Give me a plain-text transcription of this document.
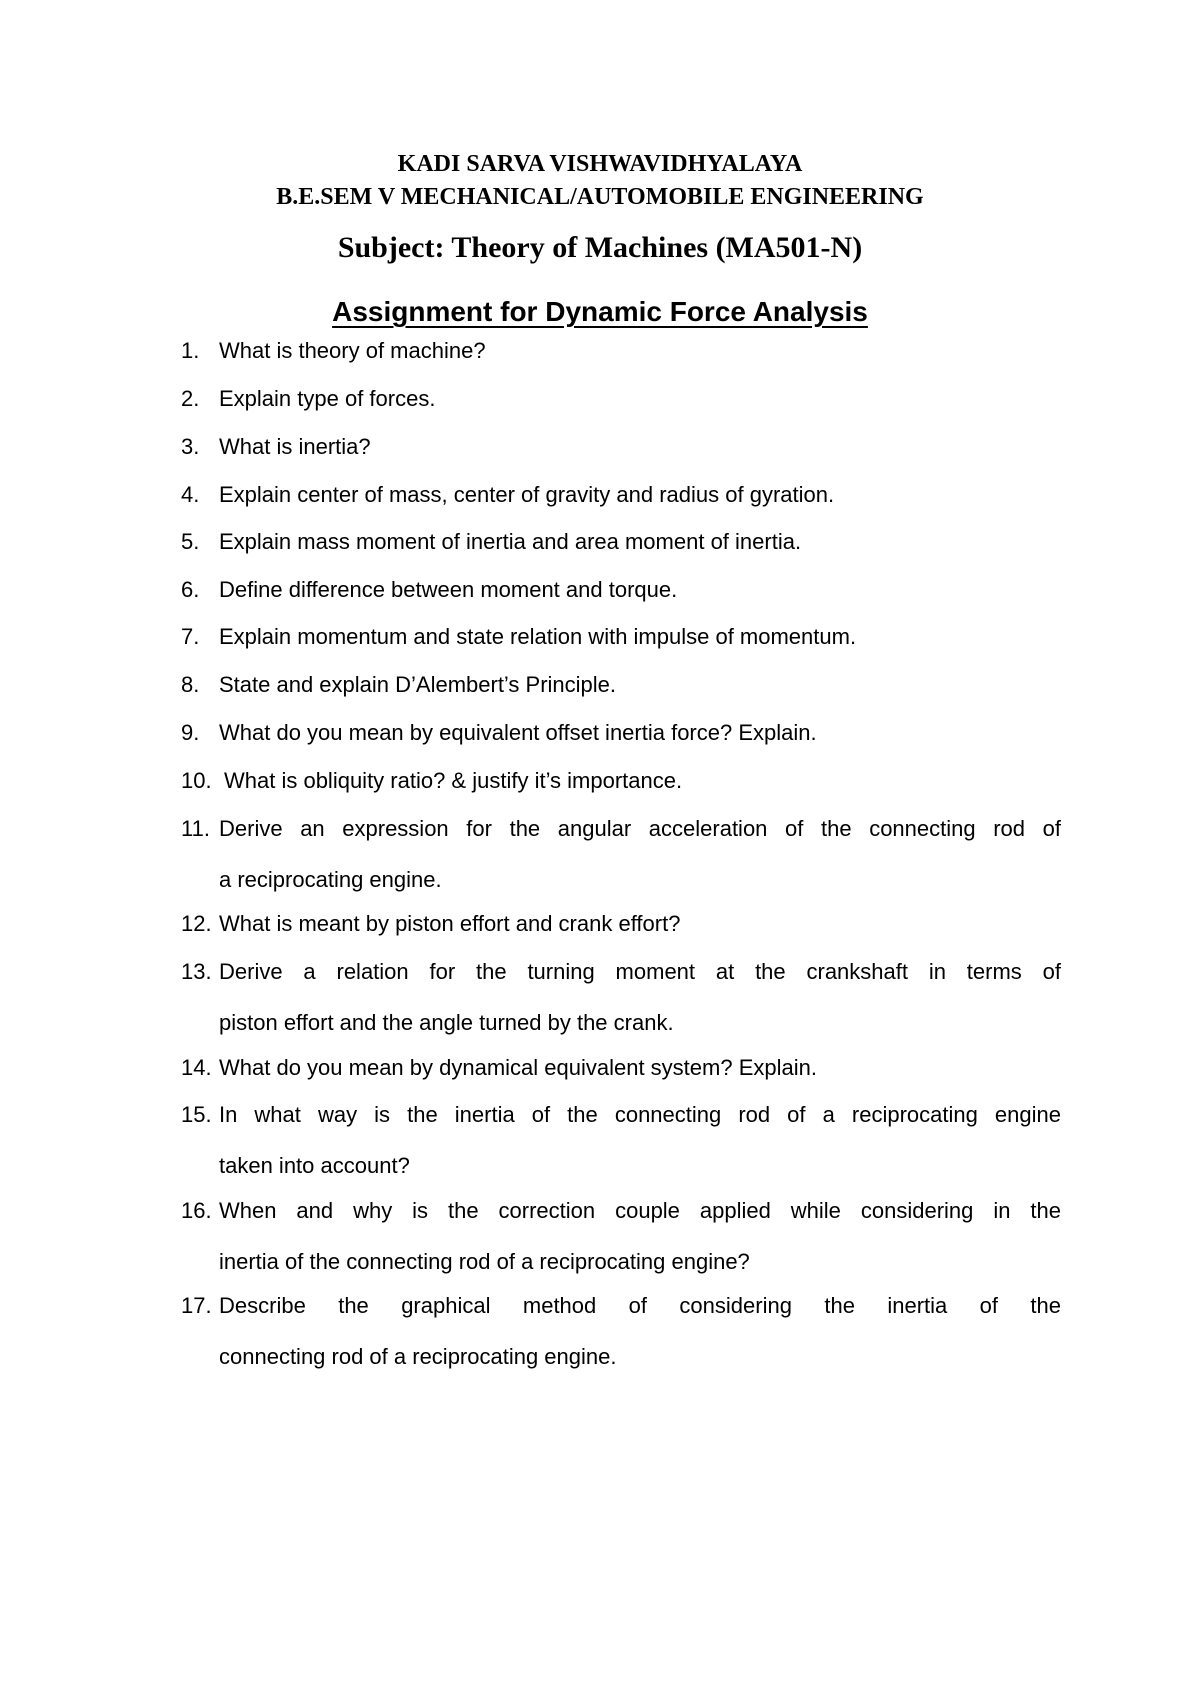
KADI SARVA VISHWAVIDHYALAYA
B.E.SEM V MECHANICAL/AUTOMOBILE ENGINEERING
Subject: Theory of Machines (MA501-N)
Assignment for Dynamic Force Analysis
1. What is theory of machine?
2. Explain type of forces.
3. What is inertia?
4. Explain center of mass, center of gravity and radius of gyration.
5. Explain mass moment of inertia and area moment of inertia.
6. Define difference between moment and torque.
7. Explain momentum and state relation with impulse of momentum.
8. State and explain D’Alembert’s Principle.
9. What do you mean by equivalent offset inertia force? Explain.
10. What is obliquity ratio? & justify it’s importance.
11. Derive an expression for the angular acceleration of the connecting rod of
a reciprocating engine.
12. What is meant by piston effort and crank effort?
13. Derive a relation for the turning moment at the crankshaft in terms of
piston effort and the angle turned by the crank.
14. What do you mean by dynamical equivalent system? Explain.
15. In what way is the inertia of the connecting rod of a reciprocating engine
taken into account?
16. When and why is the correction couple applied while considering in the
inertia of the connecting rod of a reciprocating engine?
17. Describe the graphical method of considering the inertia of the
connecting rod of a reciprocating engine.
